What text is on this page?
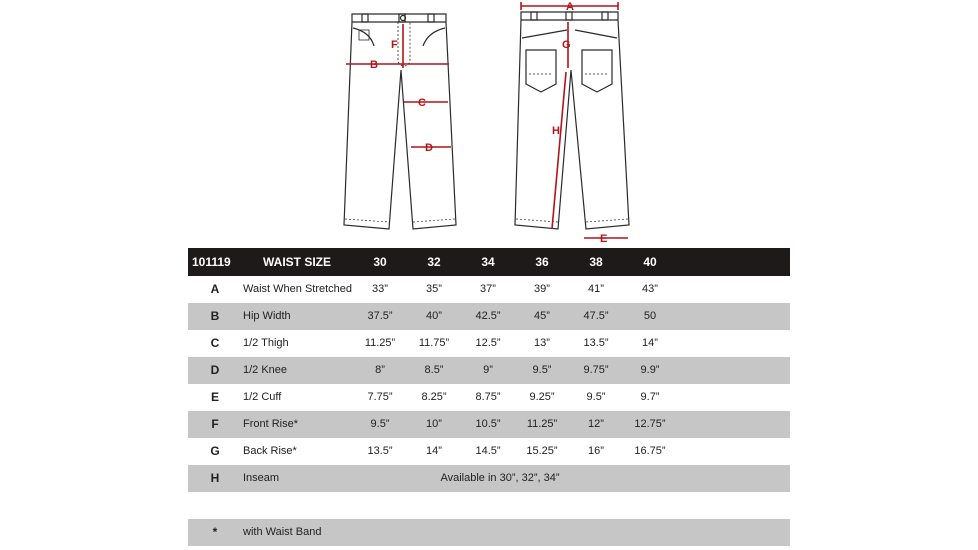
F
B
C
D
A
G
H
E
101119	WAIST SIZE	30	32	34	36	38	40
A	Waist When Stretched	33”	35”	37”	39”	41”	43”
B	Hip Width	37.5”	40”	42.5”	45”	47.5”	50
C	1/2 Thigh	11.25”	11.75”	12.5”	13”	13.5”	14”
D	1/2 Knee	8”	8.5”	9”	9.5”	9.75”	9.9”
E	1/2 Cuff	7.75”	8.25”	8.75”	9.25”	9.5”	9.7”
F	Front Rise*	9.5”	10”	10.5”	11.25”	12”	12.75”
G	Back Rise*	13.5”	14”	14.5”	15.25”	16”	16.75”
H	Inseam	Available in 30”, 32”, 34”
*	with Waist Band
